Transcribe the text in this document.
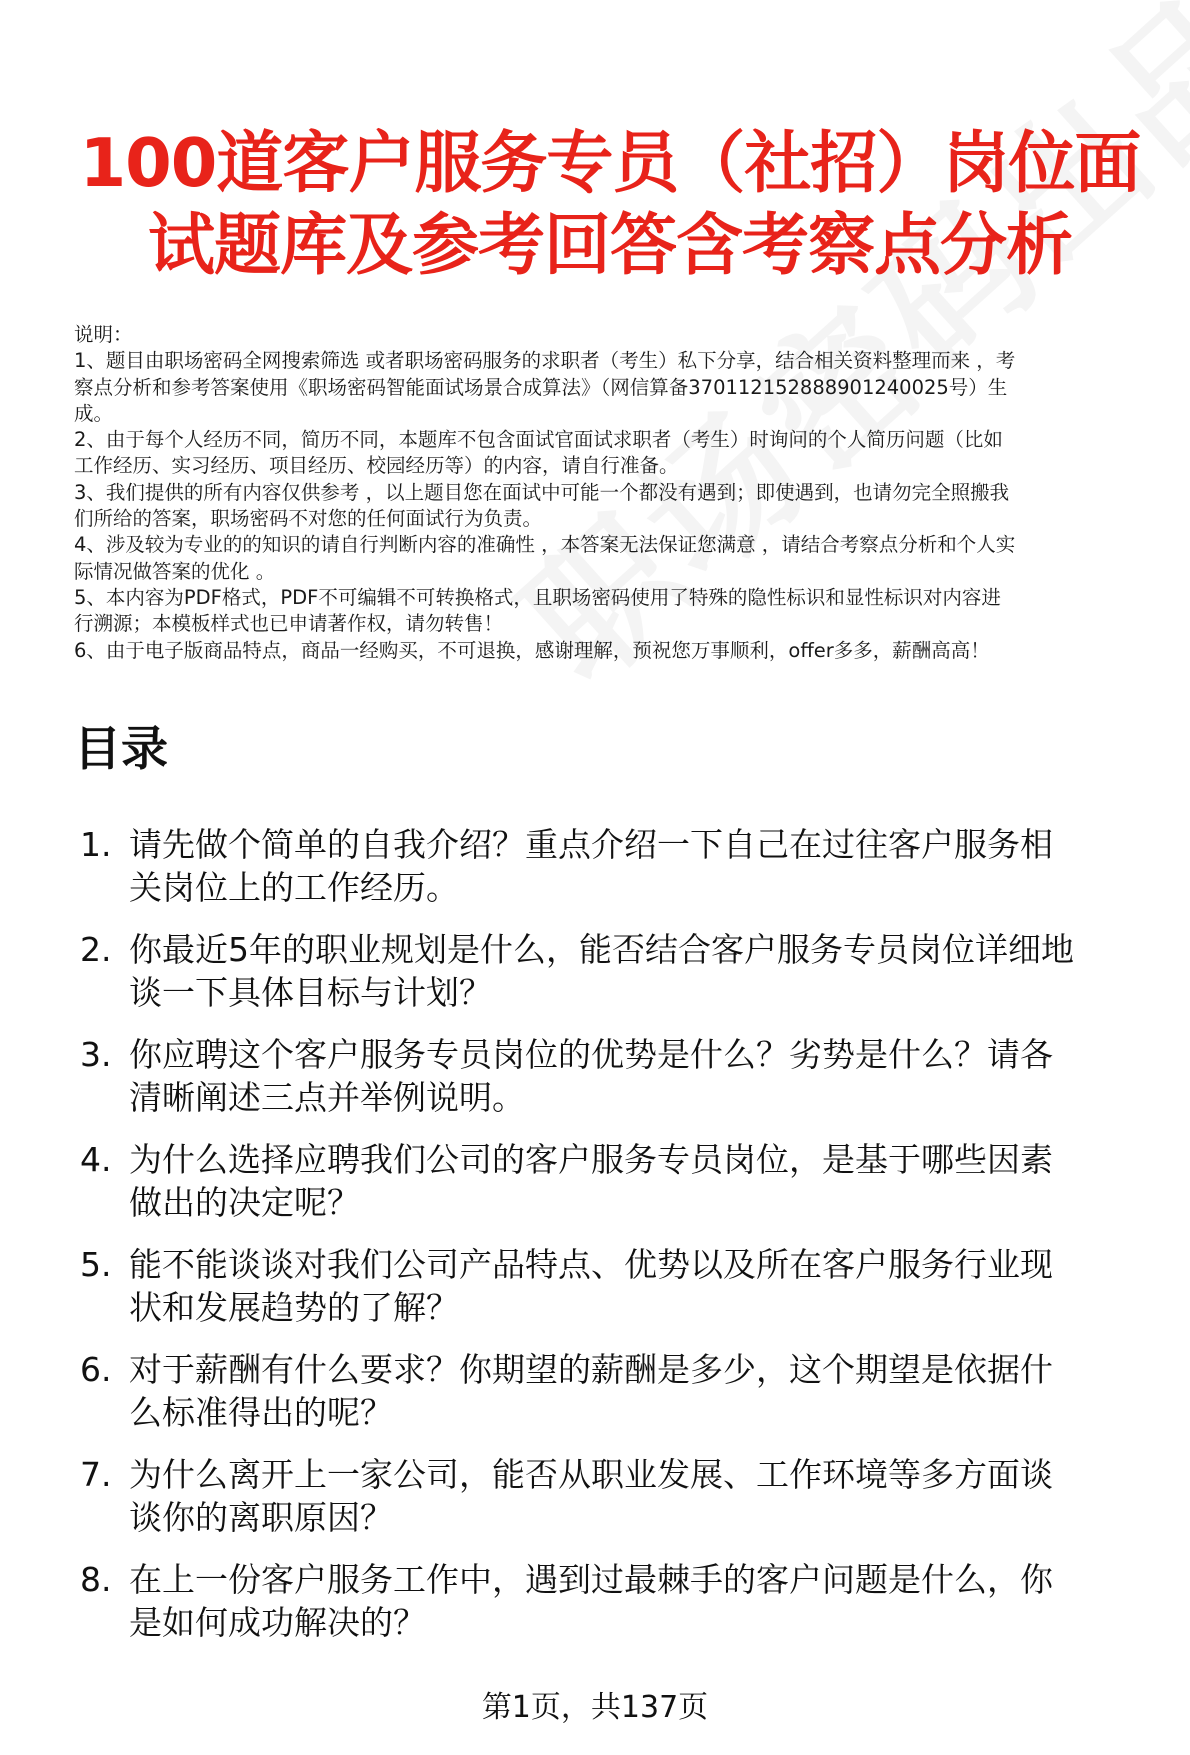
100道客户服务专员（社招）岗位面
试题库及参考回答含考察点分析
说明：
1、题目由职场密码全网搜索筛选 或者职场密码服务的求职者（考生）私下分享，结合相关资料整理而来 ，考
察点分析和参考答案使用《职场密码智能面试场景合成算法》（网信算备370112152888901240025号）生
成。
2、由于每个人经历不同，简历不同，本题库不包含面试官面试求职者（考生）时询问的个人简历问题（比如
工作经历、实习经历、项目经历、校园经历等）的内容，请自行准备。
3、我们提供的所有内容仅供参考 ，以上题目您在面试中可能一个都没有遇到；即使遇到，也请勿完全照搬我
们所给的答案，职场密码不对您的任何面试行为负责。
4、涉及较为专业的的知识的请自行判断内容的准确性 ，本答案无法保证您满意 ，请结合考察点分析和个人实
际情况做答案的优化 。
5、本内容为PDF格式，PDF不可编辑不可转换格式，且职场密码使用了特殊的隐性标识和显性标识对内容进
行溯源；本模板样式也已申请著作权，请勿转售！
6、由于电子版商品特点，商品一经购买，不可退换，感谢理解，预祝您万事顺利，offer多多，薪酬高高！
目录
1. 请先做个简单的自我介绍？重点介绍一下自己在过往客户服务相
关岗位上的工作经历。
2. 你最近5年的职业规划是什么，能否结合客户服务专员岗位详细地
谈一下具体目标与计划？
3. 你应聘这个客户服务专员岗位的优势是什么？劣势是什么？请各
清晰阐述三点并举例说明。
4. 为什么选择应聘我们公司的客户服务专员岗位，是基于哪些因素
做出的决定呢？
5. 能不能谈谈对我们公司产品特点、优势以及所在客户服务行业现
状和发展趋势的了解？
6. 对于薪酬有什么要求？你期望的薪酬是多少，这个期望是依据什
么标准得出的呢？
7. 为什么离开上一家公司，能否从职业发展、工作环境等多方面谈
谈你的离职原因？
8. 在上一份客户服务工作中，遇到过最棘手的客户问题是什么，你
是如何成功解决的？
第1页，共137页
